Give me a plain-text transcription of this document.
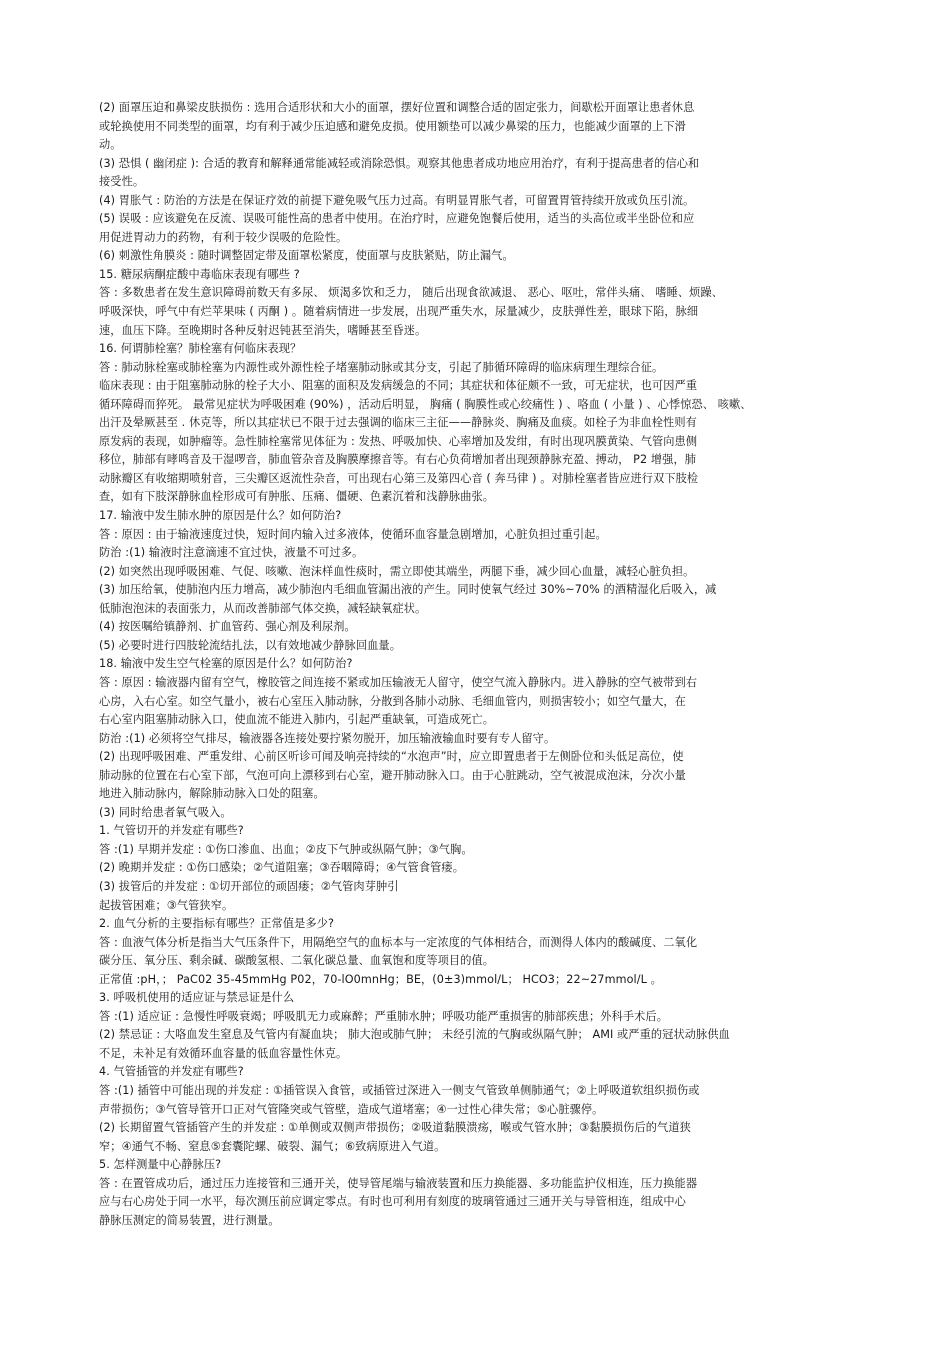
(2) 面罩压迫和鼻梁皮肤损伤 : 选用合适形状和大小的面罩，摆好位置和调整合适的固定张力，间歇松开面罩让患者休息
或轮换使用不同类型的面罩，均有利于减少压迫感和避免皮损。使用额垫可以减少鼻梁的压力，也能减少面罩的上下滑
动。
(3) 恐惧 ( 幽闭症 ): 合适的教育和解释通常能减轻或消除恐惧。观察其他患者成功地应用治疗，有利于提高患者的信心和
接受性。
(4) 胃胀气 : 防治的方法是在保证疗效的前提下避免吸气压力过高。有明显胃胀气者，可留置胃管持续开放或负压引流。
(5) 误吸 : 应该避免在反流、误吸可能性高的患者中使用。在治疗时，应避免饱餐后使用，适当的头高位或半坐卧位和应
用促进胃动力的药物，有利于较少误吸的危险性。
(6) 刺激性角膜炎 : 随时调整固定带及面罩松紧度，使面罩与皮肤紧贴，防止漏气。
15. 糖尿病酮症酸中毒临床表现有哪些 ?
答 : 多数患者在发生意识障碍前数天有多尿、 烦渴多饮和乏力， 随后出现食欲减退、 恶心、呕吐，常伴头痛、 嗜睡、烦躁、
呼吸深快，呼气中有烂苹果味 ( 丙酮 ) 。随着病情进一步发展，出现严重失水，尿量减少，皮肤弹性差，眼球下陷，脉细
速，血压下降。至晚期时各种反射迟钝甚至消失，嗜睡甚至昏迷。
16. 何谓肺栓塞？肺栓塞有何临床表现？
答 : 肺动脉栓塞或肺栓塞为内源性或外源性栓子堵塞肺动脉或其分支，引起了肺循环障碍的临床病理生理综合征。
临床表现 : 由于阻塞肺动脉的栓子大小、阻塞的面积及发病缓急的不同；其症状和体征颇不一致，可无症状，也可因严重
循环障碍而猝死。 最常见症状为呼吸困难 (90%) ，活动后明显， 胸痛 ( 胸膜性或心绞痛性 ) 、咯血 ( 小量 ) 、心悸惊恐、 咳嗽、
出汗及晕厥甚至 . 休克等，所以其症状已不限于过去强调的临床三主征——静脉炎、胸痛及血痰。如栓子为非血栓性则有
原发病的表现，如肿瘤等。急性肺栓塞常见体征为 : 发热、呼吸加快、心率增加及发绀，有时出现巩膜黄染、气管向患侧
移位，肺部有哮鸣音及干湿啰音，肺血管杂音及胸膜摩擦音等。有右心负荷增加者出现颈静脉充盈、搏动， P2 增强，肺
动脉瓣区有收缩期喷射音，三尖瓣区返流性杂音，可出现右心第三及第四心音 ( 奔马律 ) 。对肺栓塞者皆应进行双下肢检
查，如有下肢深静脉血栓形成可有肿胀、压痛、僵硬、色素沉着和浅静脉曲张。
17. 输液中发生肺水肿的原因是什么？如何防治?
答 : 原因 : 由于输液速度过快，短时间内输入过多液体，使循环血容量急剧增加，心脏负担过重引起。
防治 :(1) 输液时注意滴速不宜过快，液量不可过多。
(2) 如突然出现呼吸困难、气促、咳嗽、泡沫样血性痰时，需立即使其端坐，两腿下垂，减少回心血量，减轻心脏负担。
(3) 加压给氧，使肺泡内压力增高，减少肺泡内毛细血管漏出液的产生。同时使氧气经过 30%~70% 的酒精湿化后吸入，减
低肺泡泡沫的表面张力，从而改善肺部气体交换，减轻缺氧症状。
(4) 按医嘱给镇静剂、扩血管药、强心剂及利尿剂。
(5) 必要时进行四肢轮流结扎法，以有效地减少静脉回血量。
18. 输液中发生空气栓塞的原因是什么？如何防治?
答 : 原因 : 输液器内留有空气，橡胶管之间连接不紧或加压输液无人留守，使空气流入静脉内。进入静脉的空气被带到右
心房，入右心室。如空气量小，被右心室压入肺动脉，分散到各肺小动脉、毛细血管内，则损害较小；如空气量大，在
右心室内阻塞肺动脉入口，使血流不能进入肺内，引起严重缺氧，可造成死亡。
防治 :(1) 必须将空气排尽，输液器各连接处要拧紧勿脱开，加压输液输血时要有专人留守。
(2) 出现呼吸困难、严重发绀、心前区听诊可闻及响亮持续的“水泡声”时，应立即置患者于左侧卧位和头低足高位，使
肺动脉的位置在右心室下部，气泡可向上漂移到右心室，避开肺动脉入口。由于心脏跳动，空气被混成泡沫，分次小量
地进入肺动脉内，解除肺动脉入口处的阻塞。
(3) 同时给患者氧气吸入。
1. 气管切开的并发症有哪些?
答 :(1) 早期并发症 : ①伤口渗血、出血；②皮下气肿或纵隔气肿；③气胸。
(2) 晚期并发症 : ①伤口感染；②气道阻塞；③吞咽障碍；④气管食管瘘。
(3) 拔管后的并发症 : ①切开部位的顽固瘘；②气管肉芽肿引
起拔管困难；③气管狭窄。
2. 血气分析的主要指标有哪些？正常值是多少?
答 : 血液气体分析是指当大气压条件下，用隔绝空气的血标本与一定浓度的气体相结合，而测得人体内的酸碱度、二氧化
碳分压、氧分压、剩余碱、碳酸氢根、二氧化碳总量、血氧饱和度等项目的值。
正常值 :pH，； PaC02 35-45mmHg P02，70-lO0mnHg；BE，(0±3)mmol/L； HCO3；22~27mmol/L 。
3. 呼吸机使用的适应证与禁忌证是什么
答 :(1) 适应证 : 急慢性呼吸衰竭；呼吸肌无力或麻醉；严重肺水肿；呼吸功能严重损害的肺部疾患；外科手术后。
(2) 禁忌证 : 大咯血发生窒息及气管内有凝血块； 肺大泡或肺气肿； 未经引流的气胸或纵隔气肿； AMI 或严重的冠状动脉供血
不足，未补足有效循环血容量的低血容量性休克。
4. 气管插管的并发症有哪些?
答 :(1) 插管中可能出现的并发症 : ①插管误入食管，或插管过深进入一侧支气管致单侧肺通气；②上呼吸道软组织损伤或
声带损伤；③气管导管开口正对气管隆突或气管壁，造成气道堵塞；④一过性心律失常；⑤心脏骤停。
(2) 长期留置气管插管产生的并发症 : ①单侧或双侧声带损伤；②吸道黏膜溃疡，喉或气管水肿；③黏膜损伤后的气道狭
窄；④通气不畅、窒息⑤套囊陀螺、破裂、漏气；⑥致病原进入气道。
5. 怎样测量中心静脉压?
答 : 在置管成功后，通过压力连接管和三通开关，使导管尾端与输液装置和压力换能器、多功能监护仪相连，压力换能器
应与右心房处于同一水平，每次测压前应调定零点。有时也可利用有刻度的玻璃管通过三通开关与导管相连，组成中心
静脉压测定的简易装置，进行测量。
